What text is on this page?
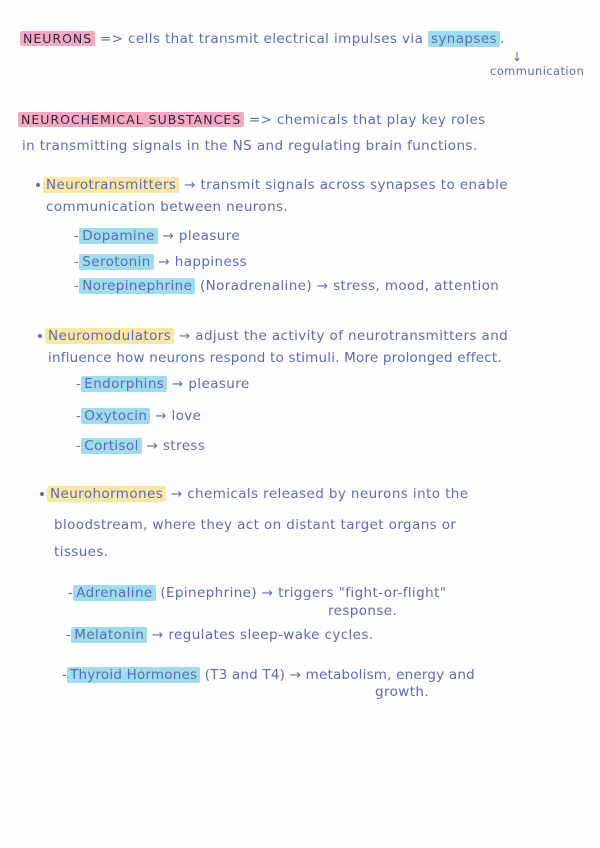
NEURONS => cells that transmit electrical impulses via synapses .
↓
communication
NEUROCHEMICAL SUBSTANCES => chemicals that play key roles
in transmitting signals in the NS and regulating brain functions.
Neurotransmitters → transmit signals across synapses to enable
communication between neurons.
- Dopamine → pleasure
- Serotonin → happiness
- Norepinephrine (Noradrenaline) → stress, mood, attention
Neuromodulators → adjust the activity of neurotransmitters and
influence how neurons respond to stimuli. More prolonged effect.
- Endorphins → pleasure
- Oxytocin → love
- Cortisol → stress
Neurohormones → chemicals released by neurons into the
bloodstream, where they act on distant target organs or
tissues.
- Adrenaline (Epinephrine) → triggers "fight-or-flight"
response.
- Melatonin → regulates sleep-wake cycles.
- Thyroid Hormones (T3 and T4) → metabolism, energy and
growth.
